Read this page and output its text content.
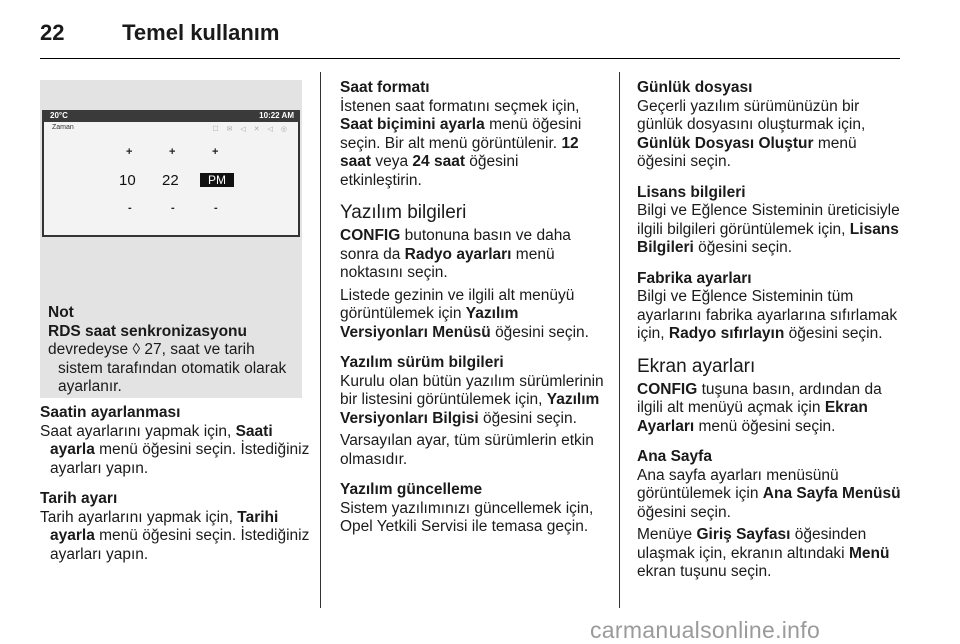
22	Temel kullanım
20°C	10:22 AM
Zaman	☐ ✉ ◁ ✕ ◁ ◎
+	+	+
10 22	PM
-	-	-
Not
RDS saat senkronizasyonu

devredeyse ◊ 27, saat ve tarih sistem tarafından otomatik olarak ayarlanır.

Saatin ayarlanması

Saat ayarlarını yapmak için, Saati ayarla menü öğesini seçin. İstediğiniz ayarları yapın.

Tarih ayarı

Tarih ayarlarını yapmak için, Tarihi ayarla menü öğesini seçin. İstediğiniz ayarları yapın.

Saat formatı

İstenen saat formatını seçmek için, Saat biçimini ayarla menü öğesini seçin. Bir alt menü görüntülenir. 12 saat veya 24 saat öğesini etkinleştirin.

Yazılım bilgileri

CONFIG butonuna basın ve daha sonra da Radyo ayarları menü noktasını seçin.

Listede gezinin ve ilgili alt menüyü görüntülemek için Yazılım Versiyonları Menüsü öğesini seçin.

Yazılım sürüm bilgileri

Kurulu olan bütün yazılım sürümlerinin bir listesini görüntülemek için, Yazılım Versiyonları Bilgisi öğesini seçin.

Varsayılan ayar, tüm sürümlerin etkin olmasıdır.

Yazılım güncelleme

Sistem yazılımınızı güncellemek için, Opel Yetkili Servisi ile temasa geçin.

Günlük dosyası

Geçerli yazılım sürümünüzün bir günlük dosyasını oluşturmak için, Günlük Dosyası Oluştur menü öğesini seçin.

Lisans bilgileri

Bilgi ve Eğlence Sisteminin üreticisiyle ilgili bilgileri görüntülemek için, Lisans Bilgileri öğesini seçin.

Fabrika ayarları

Bilgi ve Eğlence Sisteminin tüm ayarlarını fabrika ayarlarına sıfırlamak için, Radyo sıfırlayın öğesini seçin.

Ekran ayarları

CONFIG tuşuna basın, ardından da ilgili alt menüyü açmak için Ekran Ayarları menü öğesini seçin.

Ana Sayfa

Ana sayfa ayarları menüsünü görüntülemek için Ana Sayfa Menüsü öğesini seçin.

Menüye Giriş Sayfası öğesinden ulaşmak için, ekranın altındaki Menü ekran tuşunu seçin.

carmanualsonline.info
